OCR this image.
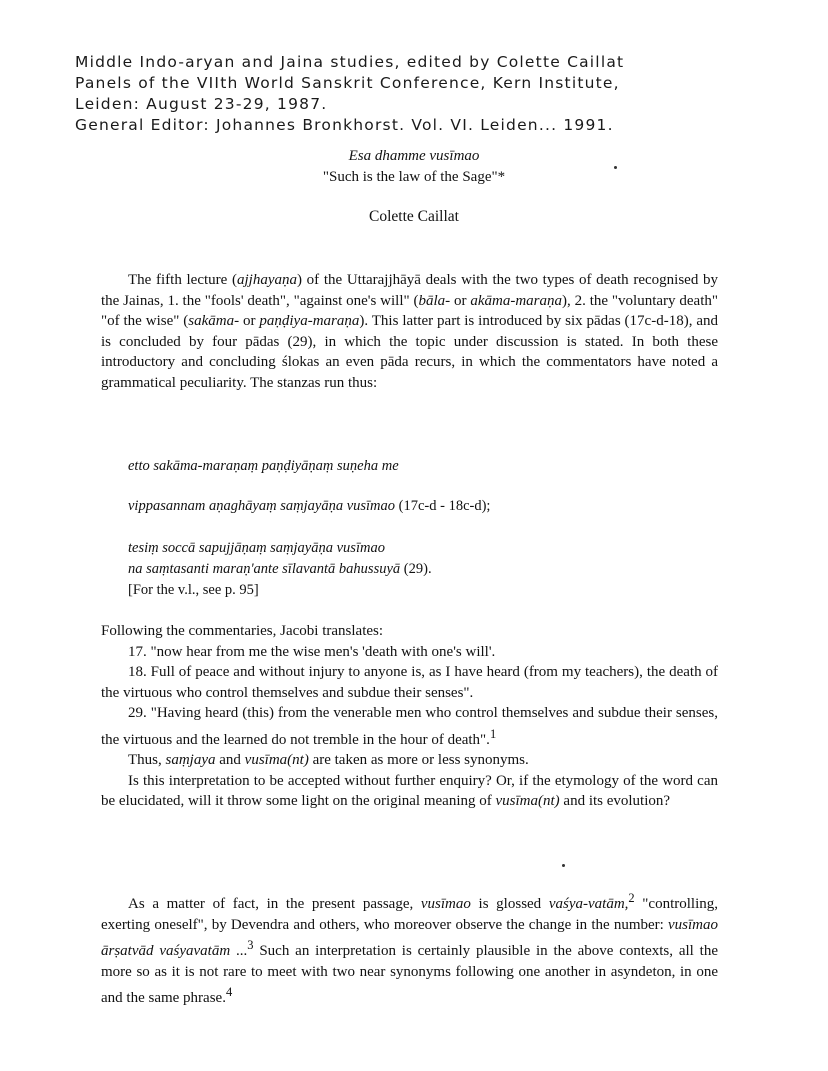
Middle Indo-aryan and Jaina studies, edited by Colette Caillat
Panels of the VIIth World Sanskrit Conference, Kern Institute,
Leiden: August 23-29, 1987.
General Editor: Johannes Bronkhorst. Vol. VI. Leiden... 1991.
Esa dhamme vusīmao
"Such is the law of the Sage"*
Colette Caillat

The fifth lecture (ajjhayaṇa) of the Uttarajjhāyā deals with the two types of death recognised by the Jainas, 1. the "fools' death", "against one's will" (bāla- or akāma-maraṇa), 2. the "voluntary death" "of the wise" (sakāma- or paṇḍiya-maraṇa). This latter part is introduced by six pādas (17c-d-18), and is concluded by four pādas (29), in which the topic under discussion is stated. In both these introductory and concluding ślokas an even pāda recurs, in which the commentators have noted a grammatical peculiarity. The stanzas run thus:

etto sakāma-maraṇaṃ paṇḍiyāṇaṃ suṇeha me
vippasannam aṇaghāyaṃ saṃjayāṇa vusīmao (17c-d - 18c-d);
tesiṃ soccā sapujjāṇaṃ saṃjayāṇa vusīmao
na saṃtasanti maraṇ'ante sīlavantā bahussuyā (29).
[For the v.l., see p. 95]

Following the commentaries, Jacobi translates:

17. "now hear from me the wise men's 'death with one's will'.

18. Full of peace and without injury to anyone is, as I have heard (from my teachers), the death of the virtuous who control themselves and subdue their senses".

29. "Having heard (this) from the venerable men who control themselves and subdue their senses, the virtuous and the learned do not tremble in the hour of death".$^1$

Thus, saṃjaya and vusīma(nt) are taken as more or less synonyms.

Is this interpretation to be accepted without further enquiry? Or, if the etymology of the word can be elucidated, will it throw some light on the original meaning of vusīma(nt) and its evolution?

As a matter of fact, in the present passage, vusīmao is glossed vaśya-vatām,$^2$ "controlling, exerting oneself", by Devendra and others, who moreover observe the change in the number: vusīmao ārṣatvād vaśyavatām ...$^3$ Such an interpretation is certainly plausible in the above contexts, all the more so as it is not rare to meet with two near synonyms following one another in asyndeton, in one and the same phrase.$^4$
